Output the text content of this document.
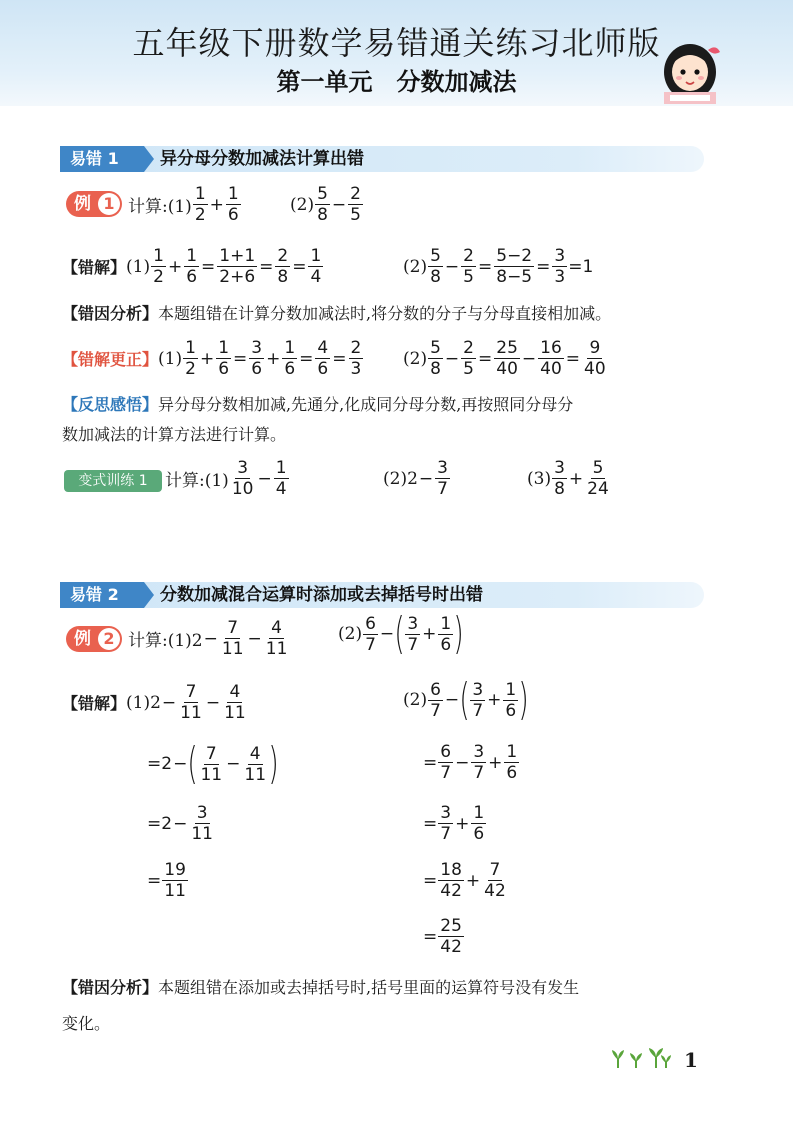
五年级下册数学易错通关练习北师版
第一单元　分数加减法
易错 1	异分母分数加减法计算出错
例 1 计算:(1) $\frac{1}{2} + \frac{1}{6}$	$(2) \frac{5}{8} - \frac{2}{5}$
【错解】 $(1) \frac{1}{2} + \frac{1}{6} = \frac{1+1}{2+6} = \frac{2}{8} = \frac{1}{4}$	$(2) \frac{5}{8} - \frac{2}{5} = \frac{5-2}{8-5} = \frac{3}{3} =1$
【错因分析】本题组错在计算分数加减法时,将分数的分子与分母直接相加减。
【错解更正】 $(1) \frac{1}{2} + \frac{1}{6} = \frac{3}{6} + \frac{1}{6} = \frac{4}{6} = \frac{2}{3} (2) \frac{5}{8} - \frac{2}{5} = \frac{25}{40} - \frac{16}{40} = \frac{9}{40}$
【反思感悟】异分母分数相加减,先通分,化成同分母分数,再按照同分母分
数加减法的计算方法进行计算。
变式训练 1	计算:(1) $\frac{3}{10} - \frac{1}{4}$	$(2)2 - \frac{3}{7}$	$(3) \frac{3}{8} + \frac{5}{24}$
易错 2	分数加减混合运算时添加或去掉括号时出错
例 2 计算:(1)2 − $\frac{7}{11} - \frac{4}{11}$	$(2) \frac{6}{7}$ − ( $\frac{3}{7} + \frac{1}{6}$ )
【错解】 $(1)2 - \frac{7}{11} - \frac{4}{11}$
=2 − ( $\frac{7}{11} - \frac{4}{11}$ )
$=2 - \frac{3}{11}$
= $\frac{19}{11}$
$(2) \frac{6}{7}$ − ( $\frac{3}{7} + \frac{1}{6}$ )
= $\frac{6}{7} - \frac{3}{7} + \frac{1}{6}$
= $\frac{3}{7} + \frac{1}{6}$
= $\frac{18}{42} + \frac{7}{42}$
= $\frac{25}{42}$
【错因分析】本题组错在添加或去掉括号时,括号里面的运算符号没有发生
变化。
1
